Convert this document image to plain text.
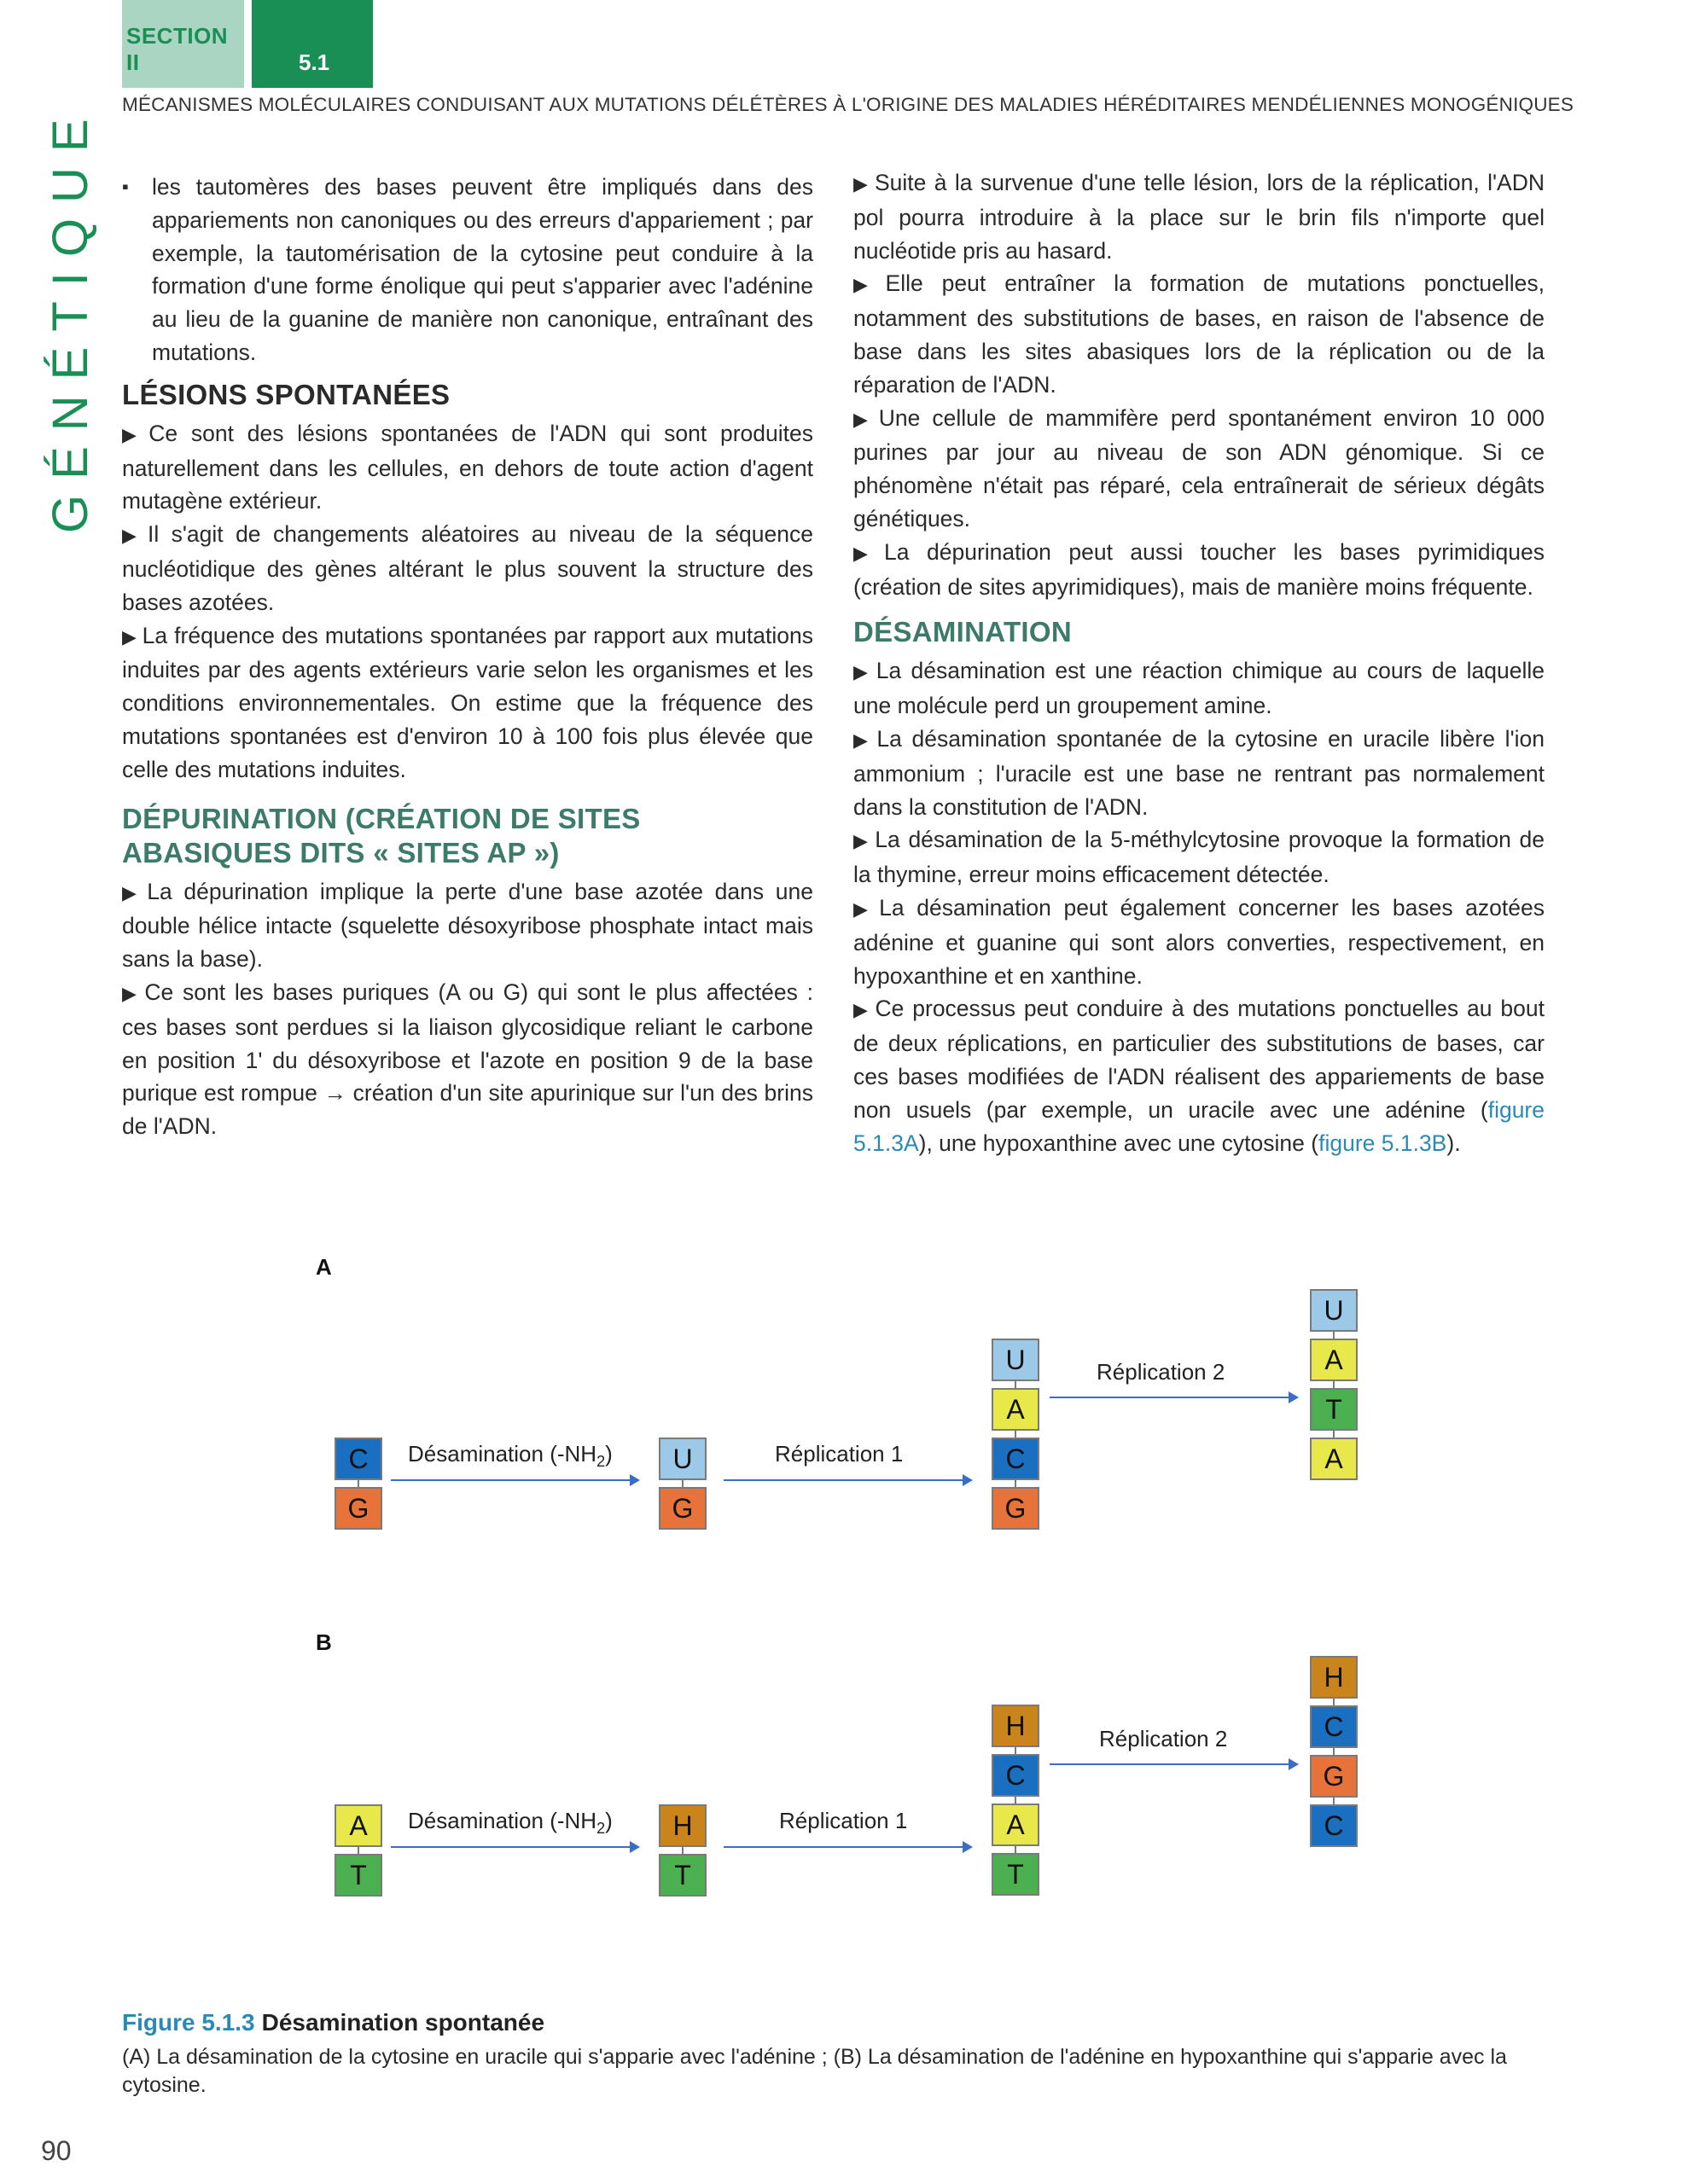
SECTION II	5.1
MÉCANISMES MOLÉCULAIRES CONDUISANT AUX MUTATIONS DÉLÉTÈRES À L'ORIGINE DES MALADIES HÉRÉDITAIRES MENDÉLIENNES MONOGÉNIQUES
GÉNÉTIQUE

▪	les tautomères des bases peuvent être impliqués dans des appariements non canoniques ou des erreurs d'appariement ; par exemple, la tautomérisation de la cytosine peut conduire à la formation d'une forme énolique qui peut s'apparier avec l'adénine au lieu de la guanine de manière non canonique, entraînant des mutations.

LÉSIONS SPONTANÉES

▶ Ce sont des lésions spontanées de l'ADN qui sont produites naturellement dans les cellules, en dehors de toute action d'agent mutagène extérieur.

▶ Il s'agit de changements aléatoires au niveau de la séquence nucléotidique des gènes altérant le plus souvent la structure des bases azotées.

▶ La fréquence des mutations spontanées par rapport aux mutations induites par des agents extérieurs varie selon les organismes et les conditions environnementales. On estime que la fréquence des mutations spontanées est d'environ 10 à 100 fois plus élevée que celle des mutations induites.

DÉPURINATION (CRÉATION DE SITES ABASIQUES DITS « SITES AP »)

▶ La dépurination implique la perte d'une base azotée dans une double hélice intacte (squelette désoxyribose phosphate intact mais sans la base).

▶ Ce sont les bases puriques (A ou G) qui sont le plus affectées : ces bases sont perdues si la liaison glycosidique reliant le carbone en position 1' du désoxyribose et l'azote en position 9 de la base purique est rompue → création d'un site apurinique sur l'un des brins de l'ADN.

▶ Suite à la survenue d'une telle lésion, lors de la réplication, l'ADN pol pourra introduire à la place sur le brin fils n'importe quel nucléotide pris au hasard.

▶ Elle peut entraîner la formation de mutations ponctuelles, notamment des substitutions de bases, en raison de l'absence de base dans les sites abasiques lors de la réplication ou de la réparation de l'ADN.

▶ Une cellule de mammifère perd spontanément environ 10 000 purines par jour au niveau de son ADN génomique. Si ce phénomène n'était pas réparé, cela entraînerait de sérieux dégâts génétiques.

▶ La dépurination peut aussi toucher les bases pyrimidiques (création de sites apyrimidiques), mais de manière moins fréquente.

DÉSAMINATION

▶ La désamination est une réaction chimique au cours de laquelle une molécule perd un groupement amine.

▶ La désamination spontanée de la cytosine en uracile libère l'ion ammonium ; l'uracile est une base ne rentrant pas normalement dans la constitution de l'ADN.

▶ La désamination de la 5-méthylcytosine provoque la formation de la thymine, erreur moins efficacement détectée.

▶ La désamination peut également concerner les bases azotées adénine et guanine qui sont alors converties, respectivement, en hypoxanthine et en xanthine.

▶ Ce processus peut conduire à des mutations ponctuelles au bout de deux réplications, en particulier des substitutions de bases, car ces bases modifiées de l'ADN réalisent des appariements de base non usuels (par exemple, un uracile avec une adénine (figure 5.1.3A), une hypoxanthine avec une cytosine (figure 5.1.3B).

A
B
Désamination $(-NH_2)$	Réplication 1
Réplication 2
Désamination $(-NH_2)$	Réplication 1
Réplication 2
C
G
U
G
U
A
C
G
U
A
T
A
A
T
H
T
H
C
A
T
H
C
G
C
Figure 5.1.3 Désamination spontanée
(A) La désamination de la cytosine en uracile qui s'apparie avec l'adénine ; (B) La désamination de l'adénine en hypoxanthine qui s'apparie avec la cytosine.
90
